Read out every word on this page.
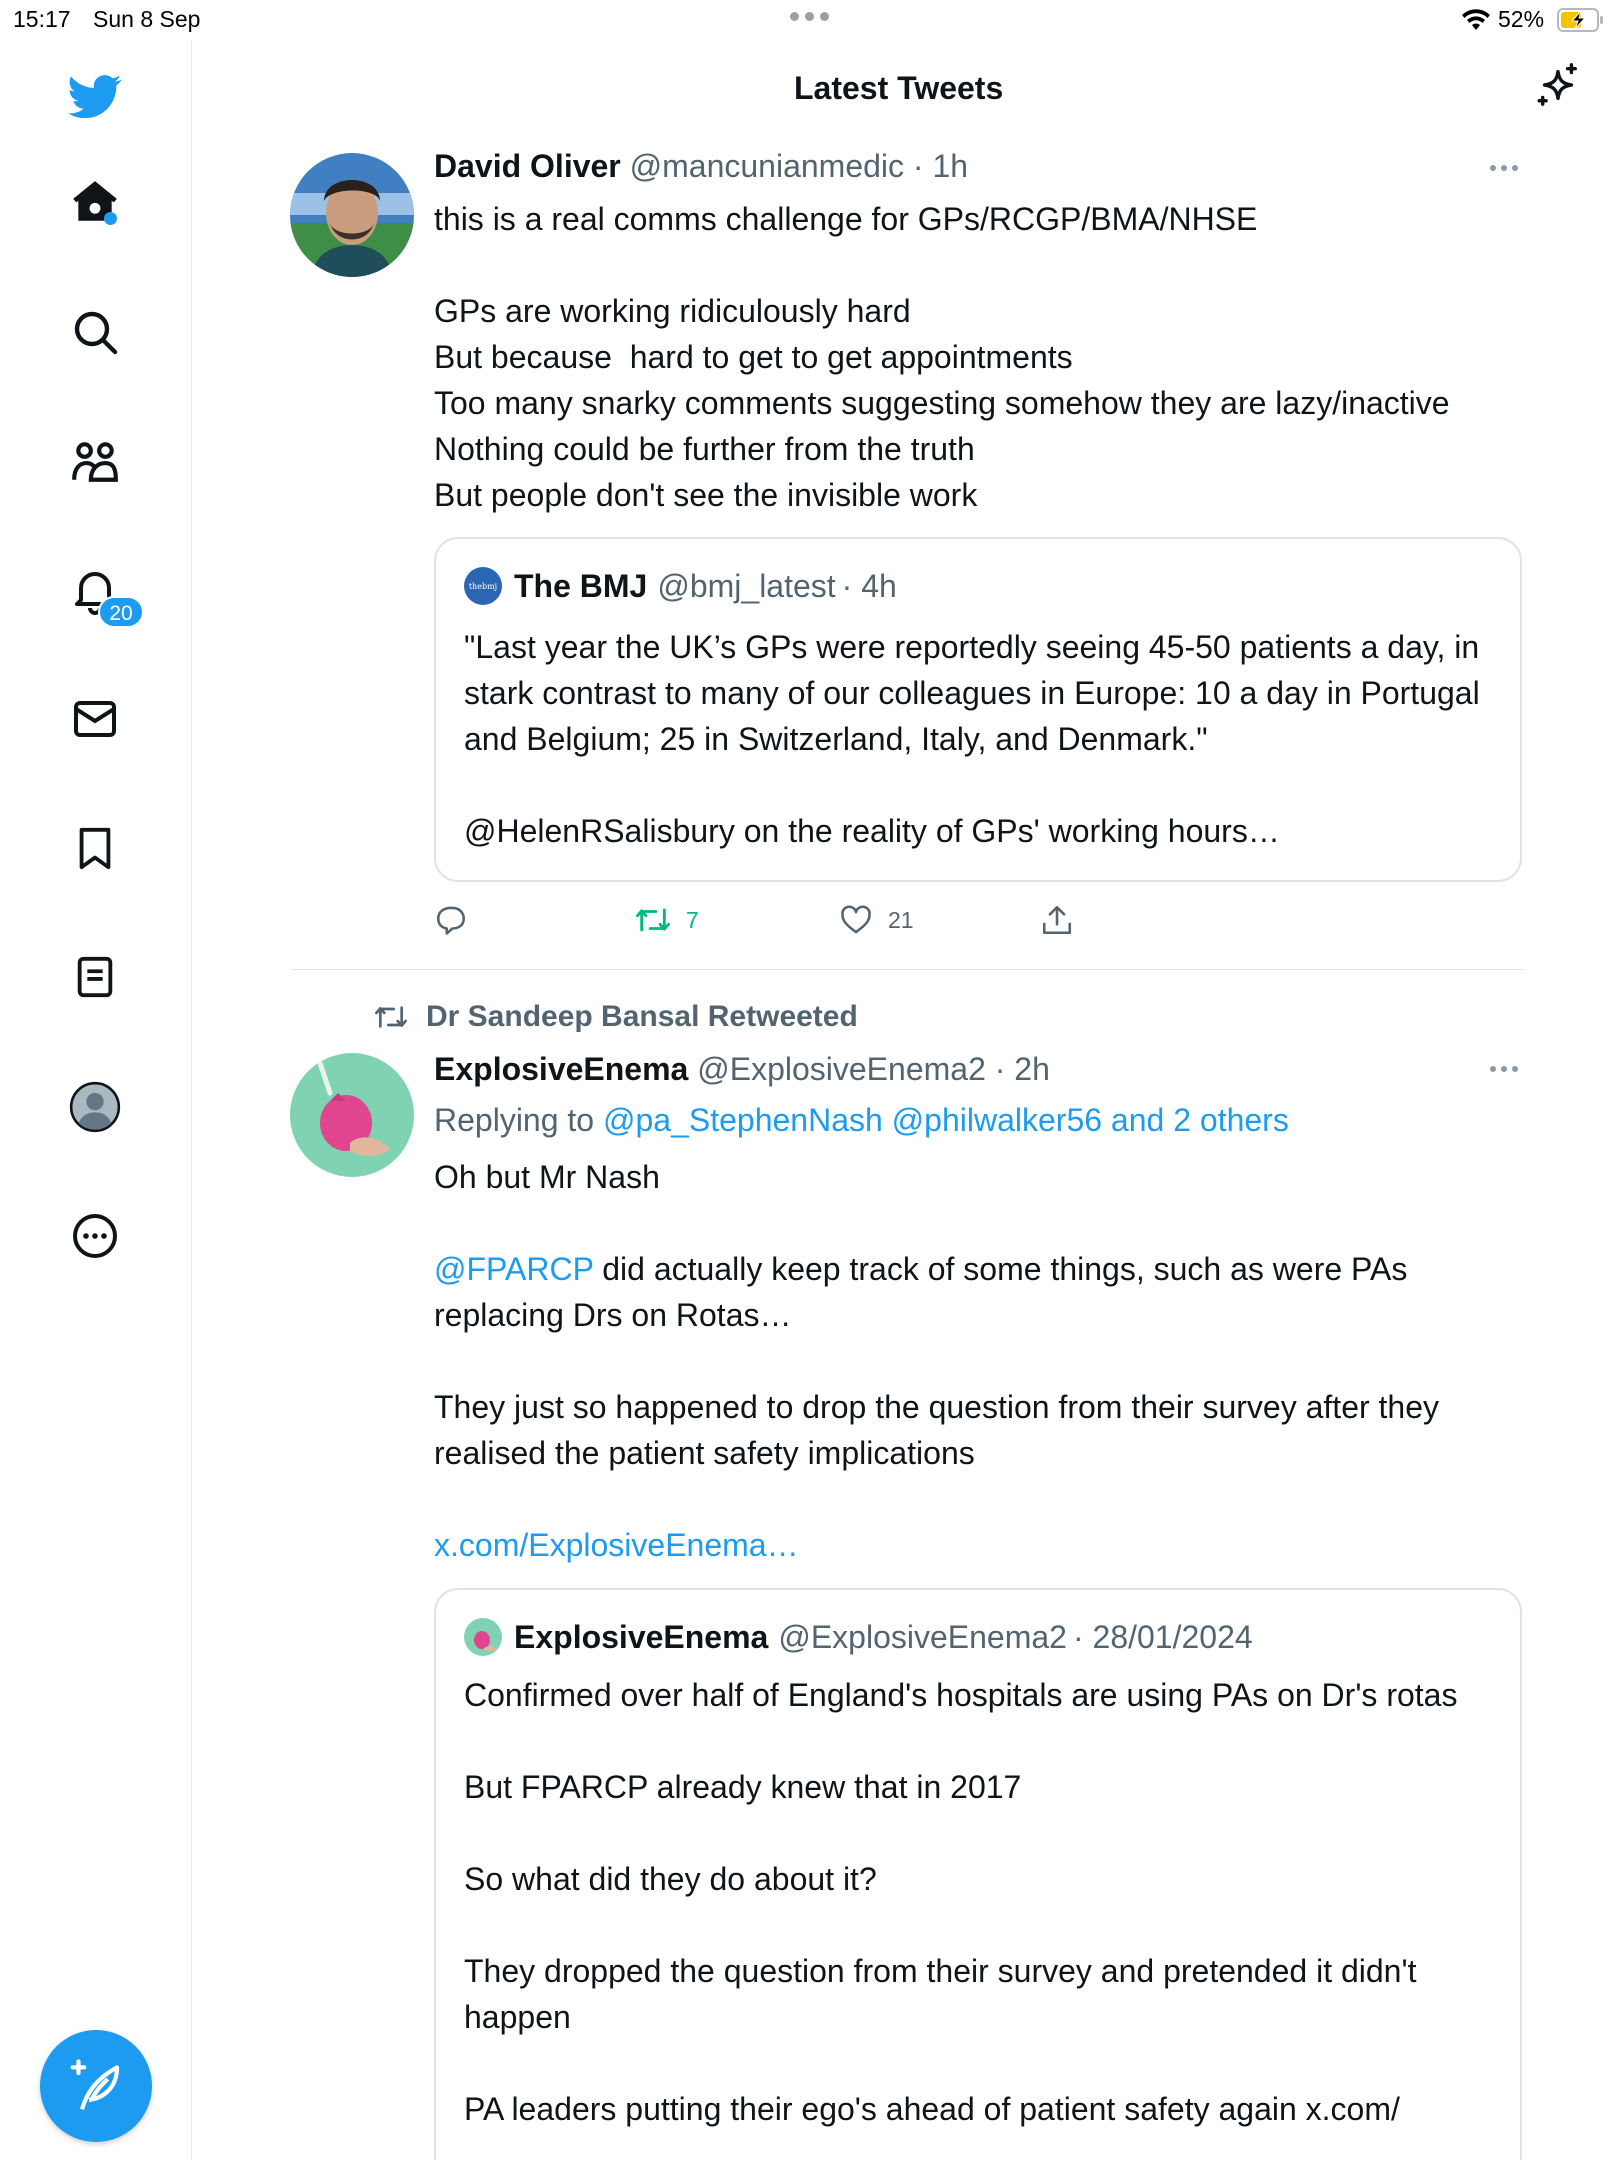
15:17 Sun 8 Sep	52%
20
Latest Tweets
David Oliver @mancunianmedic · 1h
this is a real comms challenge for GPs/RCGP/BMA/NHSE

GPs are working ridiculously hard
But because  hard to get to get appointments
Too many snarky comments suggesting somehow they are lazy/inactive
Nothing could be further from the truth
But people don't see the invisible work
thebmj The BMJ @bmj_latest · 4h
"Last year the UK’s GPs were reportedly seeing 45-50 patients a day, in stark contrast to many of our colleagues in Europe: 10 a day in Portugal and Belgium; 25 in Switzerland, Italy, and Denmark."

@HelenRSalisbury on the reality of GPs' working hours…
7	21
Dr Sandeep Bansal Retweeted
ExplosiveEnema @ExplosiveEnema2 · 2h
Replying to @pa_StephenNash @philwalker56 and 2 others
Oh but Mr Nash

@FPARCP did actually keep track of some things, such as were PAs replacing Drs on Rotas…

They just so happened to drop the question from their survey after they realised the patient safety implications

x.com/ExplosiveEnema…
ExplosiveEnema @ExplosiveEnema2 · 28/01/2024
Confirmed over half of England's hospitals are using PAs on Dr's rotas

But FPARCP already knew that in 2017

So what did they do about it?

They dropped the question from their survey and pretended it didn't happen

PA leaders putting their ego's ahead of patient safety again x.com/
